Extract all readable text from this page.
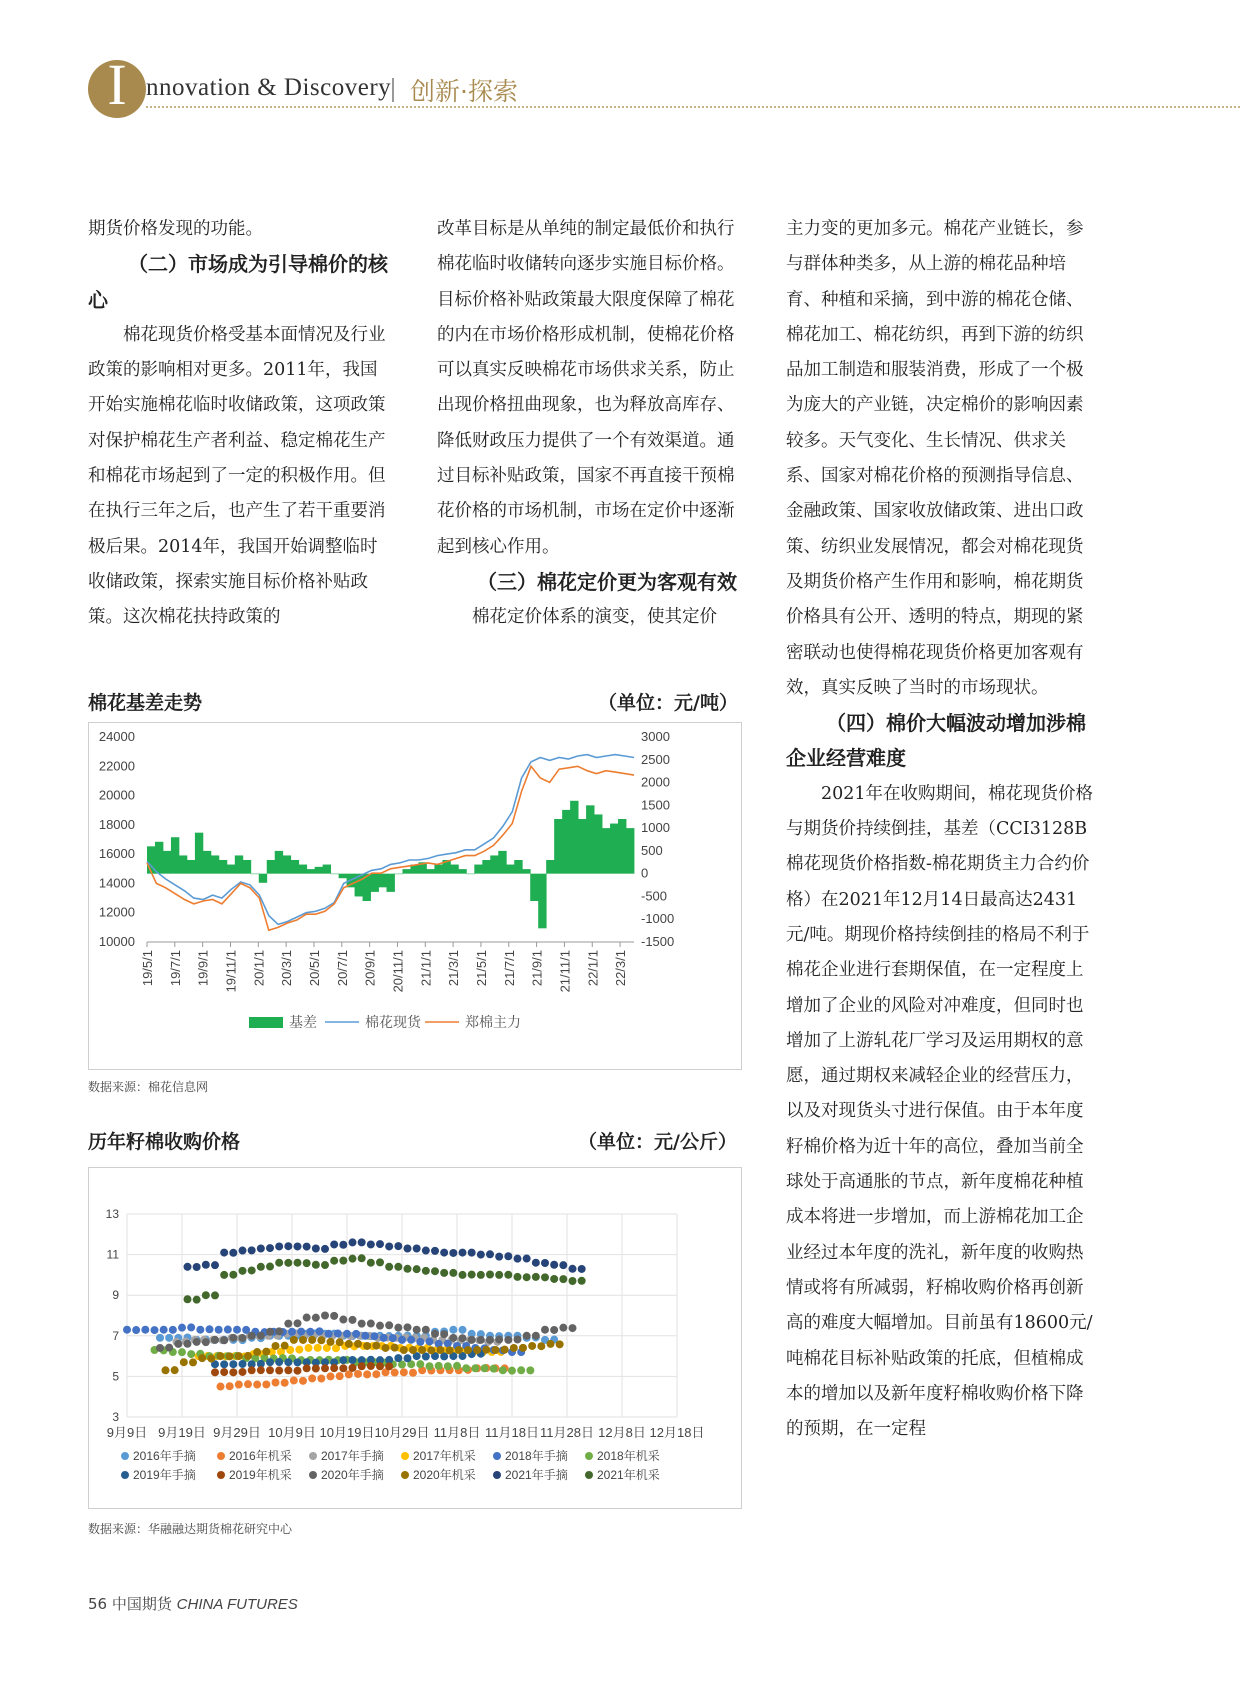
I nnovation & Discovery 创新·探索

期货价格发现的功能。

（二）市场成为引导棉价的核心

棉花现货价格受基本面情况及行业政策的影响相对更多。2011年，我国开始实施棉花临时收储政策，这项政策对保护棉花生产者利益、稳定棉花生产和棉花市场起到了一定的积极作用。但在执行三年之后，也产生了若干重要消极后果。2014年，我国开始调整临时收储政策，探索实施目标价格补贴政策。这次棉花扶持政策的

改革目标是从单纯的制定最低价和执行棉花临时收储转向逐步实施目标价格。目标价格补贴政策最大限度保障了棉花的内在市场价格形成机制，使棉花价格可以真实反映棉花市场供求关系，防止出现价格扭曲现象，也为释放高库存、降低财政压力提供了一个有效渠道。通过目标补贴政策，国家不再直接干预棉花价格的市场机制，市场在定价中逐渐起到核心作用。

（三）棉花定价更为客观有效

棉花定价体系的演变，使其定价

主力变的更加多元。棉花产业链长，参与群体种类多，从上游的棉花品种培育、种植和采摘，到中游的棉花仓储、棉花加工、棉花纺织，再到下游的纺织品加工制造和服装消费，形成了一个极为庞大的产业链，决定棉价的影响因素较多。天气变化、生长情况、供求关系、国家对棉花价格的预测指导信息、金融政策、国家收放储政策、进出口政策、纺织业发展情况，都会对棉花现货及期货价格产生作用和影响，棉花期货价格具有公开、透明的特点，期现的紧密联动也使得棉花现货价格更加客观有效，真实反映了当时的市场现状。

（四）棉价大幅波动增加涉棉企业经营难度

2021年在收购期间，棉花现货价格与期货价持续倒挂，基差（CCI3128B棉花现货价格指数-棉花期货主力合约价格）在2021年12月14日最高达2431元/吨。期现价格持续倒挂的格局不利于棉花企业进行套期保值，在一定程度上增加了企业的风险对冲难度，但同时也增加了上游轧花厂学习及运用期权的意愿，通过期权来减轻企业的经营压力，以及对现货头寸进行保值。由于本年度籽棉价格为近十年的高位，叠加当前全球处于高通胀的节点，新年度棉花种植成本将进一步增加，而上游棉花加工企业经过本年度的洗礼，新年度的收购热情或将有所减弱，籽棉收购价格再创新高的难度大幅增加。目前虽有18600元/吨棉花目标补贴政策的托底，但植棉成本的增加以及新年度籽棉收购价格下降的预期，在一定程

棉花基差走势	（单位：元/吨）
24000
22000
20000
18000
16000
14000
12000
10000
3000
2500
2000
1500
1000
500
0
-500
-1000
-1500
19/5/1 19/7/1 19/9/1 19/11/1 20/1/1 20/3/1 20/5/1 20/7/1 20/9/1 20/11/1 21/1/1 21/3/1 21/5/1 21/7/1 21/9/1 21/11/1 22/1/1 22/3/1
基差	棉花现货	郑棉主力
数据来源：棉花信息网
历年籽棉收购价格	（单位：元/公斤）
13
11
9
7
5
3
9月9日 9月19日 9月29日 10月9日 10月19日 10月29日 11月8日 11月18日 11月28日 12月8日 12月18日
2016年手摘	2016年机采 2017年手摘 2017年机采 2018年手摘 2018年机采
2019年手摘	2019年机采 2020年手摘 2020年机采 2021年手摘 2021年机采
数据来源：华融融达期货棉花研究中心
56 中国期货 CHINA FUTURES
